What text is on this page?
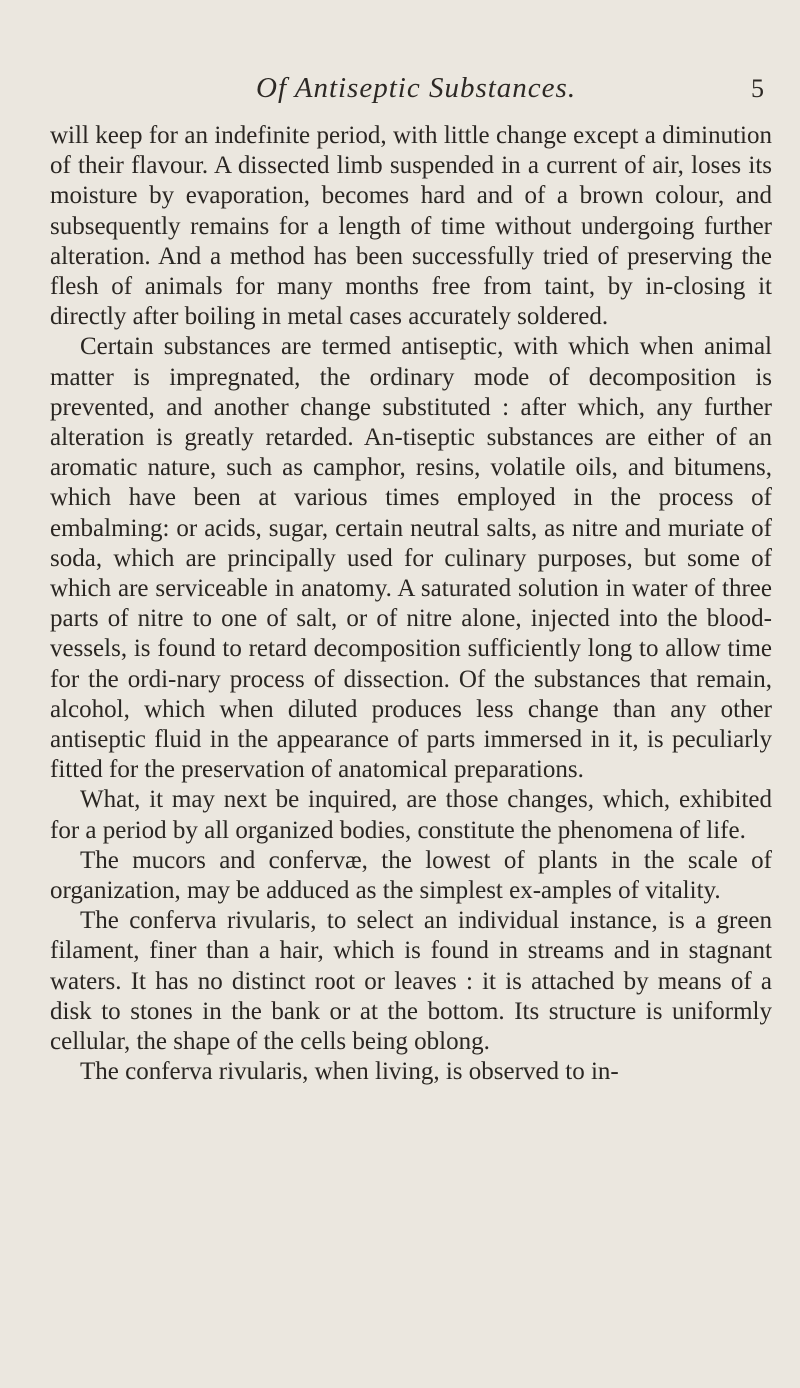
Of Antiseptic Substances.	5

will keep for an indefinite period, with little change except a diminution of their flavour. A dissected limb suspended in a current of air, loses its moisture by evaporation, becomes hard and of a brown colour, and subsequently remains for a length of time without undergoing further alteration. And a method has been successfully tried of preserving the flesh of animals for many months free from taint, by in-closing it directly after boiling in metal cases accurately soldered.

Certain substances are termed antiseptic, with which when animal matter is impregnated, the ordinary mode of decomposition is prevented, and another change substituted : after which, any further alteration is greatly retarded. An-tiseptic substances are either of an aromatic nature, such as camphor, resins, volatile oils, and bitumens, which have been at various times employed in the process of embalming: or acids, sugar, certain neutral salts, as nitre and muriate of soda, which are principally used for culinary purposes, but some of which are serviceable in anatomy. A saturated solution in water of three parts of nitre to one of salt, or of nitre alone, injected into the blood-vessels, is found to retard decomposition sufficiently long to allow time for the ordi-nary process of dissection. Of the substances that remain, alcohol, which when diluted produces less change than any other antiseptic fluid in the appearance of parts immersed in it, is peculiarly fitted for the preservation of anatomical preparations.

What, it may next be inquired, are those changes, which, exhibited for a period by all organized bodies, constitute the phenomena of life.

The mucors and confervæ, the lowest of plants in the scale of organization, may be adduced as the simplest ex-amples of vitality.

The conferva rivularis, to select an individual instance, is a green filament, finer than a hair, which is found in streams and in stagnant waters. It has no distinct root or leaves : it is attached by means of a disk to stones in the bank or at the bottom. Its structure is uniformly cellular, the shape of the cells being oblong.

The conferva rivularis, when living, is observed to in-
